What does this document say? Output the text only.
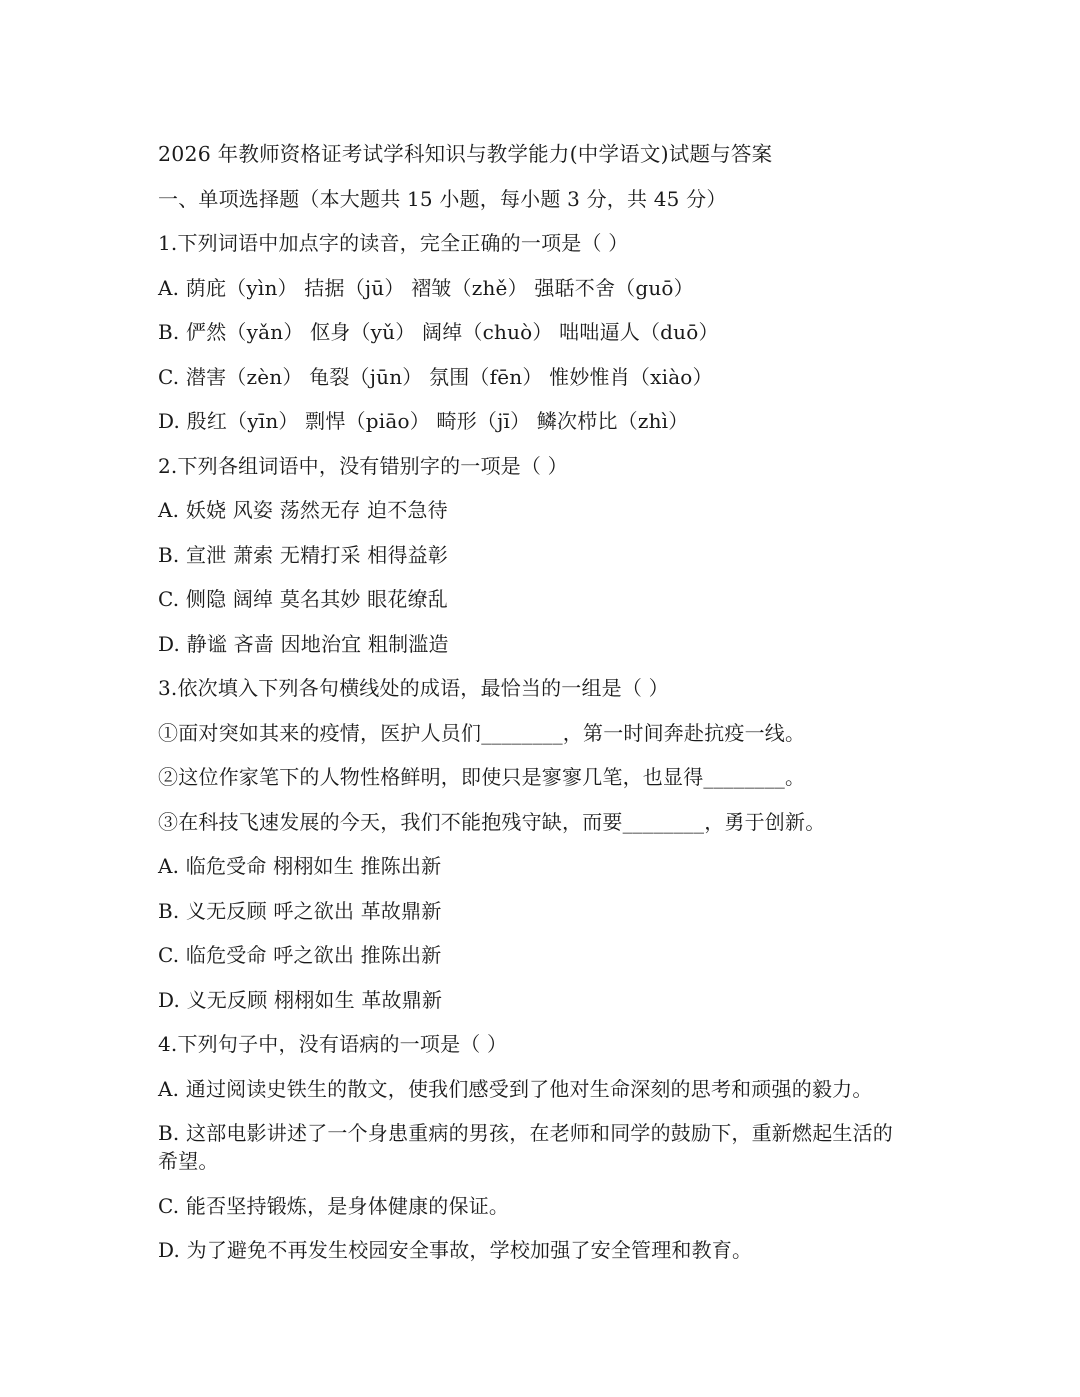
2026 年教师资格证考试学科知识与教学能力(中学语文)试题与答案
一、单项选择题（本大题共 15 小题，每小题 3 分，共 45 分）
1.下列词语中加点字的读音，完全正确的一项是（ ）
A. 荫庇（yìn） 拮据（jū） 褶皱（zhě） 强聒不舍（guō）
B. 俨然（yǎn） 伛身（yǔ） 阔绰（chuò） 咄咄逼人（duō）
C. 潜害（zèn） 龟裂（jūn） 氛围（fēn） 惟妙惟肖（xiào）
D. 殷红（yīn） 剽悍（piāo） 畸形（jī） 鳞次栉比（zhì）
2.下列各组词语中，没有错别字的一项是（ ）
A. 妖娆 风姿 荡然无存 迫不急待
B. 宣泄 萧索 无精打采 相得益彰
C. 侧隐 阔绰 莫名其妙 眼花缭乱
D. 静谧 吝啬 因地治宜 粗制滥造
3.依次填入下列各句横线处的成语，最恰当的一组是（ ）
①面对突如其来的疫情，医护人员们________，第一时间奔赴抗疫一线。
②这位作家笔下的人物性格鲜明，即使只是寥寥几笔，也显得________。
③在科技飞速发展的今天，我们不能抱残守缺，而要________，勇于创新。
A. 临危受命 栩栩如生 推陈出新
B. 义无反顾 呼之欲出 革故鼎新
C. 临危受命 呼之欲出 推陈出新
D. 义无反顾 栩栩如生 革故鼎新
4.下列句子中，没有语病的一项是（ ）
A. 通过阅读史铁生的散文，使我们感受到了他对生命深刻的思考和顽强的毅力。
B. 这部电影讲述了一个身患重病的男孩，在老师和同学的鼓励下，重新燃起生活的希望。
C. 能否坚持锻炼，是身体健康的保证。
D. 为了避免不再发生校园安全事故，学校加强了安全管理和教育。
